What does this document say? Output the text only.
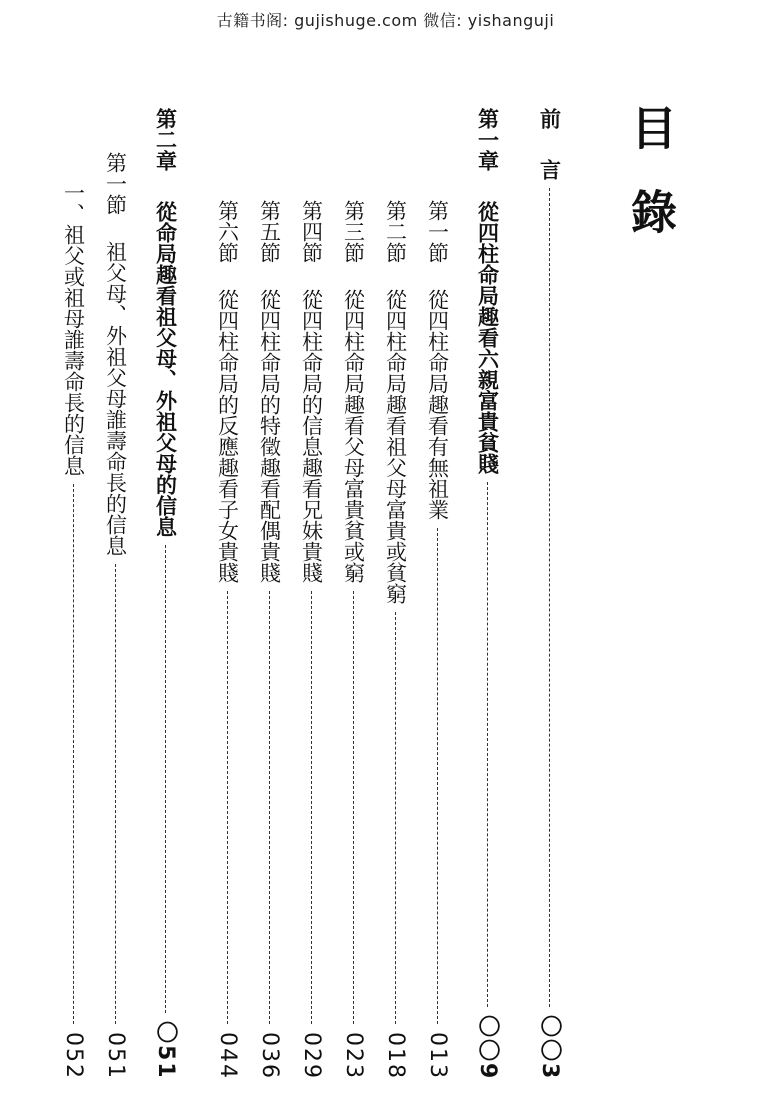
古籍书阁: gujishuge.com 微信: yishanguji
目錄
前
言
〇〇3
第一章
從四柱命局趣看六親富貴貧賤
〇〇9
第一節
從四柱命局趣看有無祖業
013
第二節
從四柱命局趣看祖父母富貴或貧窮
018
第三節
從四柱命局趣看父母富貴貧或窮
023
第四節
從四柱命局的信息趣看兄妹貴賤
029
第五節
從四柱命局的特徵趣看配偶貴賤
036
第六節
從四柱命局的反應趣看子女貴賤
044
第二章
從命局趣看祖父母、外祖父母的信息
〇51
第一節
祖父母、外祖父母誰壽命長的信息
051
一、
祖父或祖母誰壽命長的信息
052
